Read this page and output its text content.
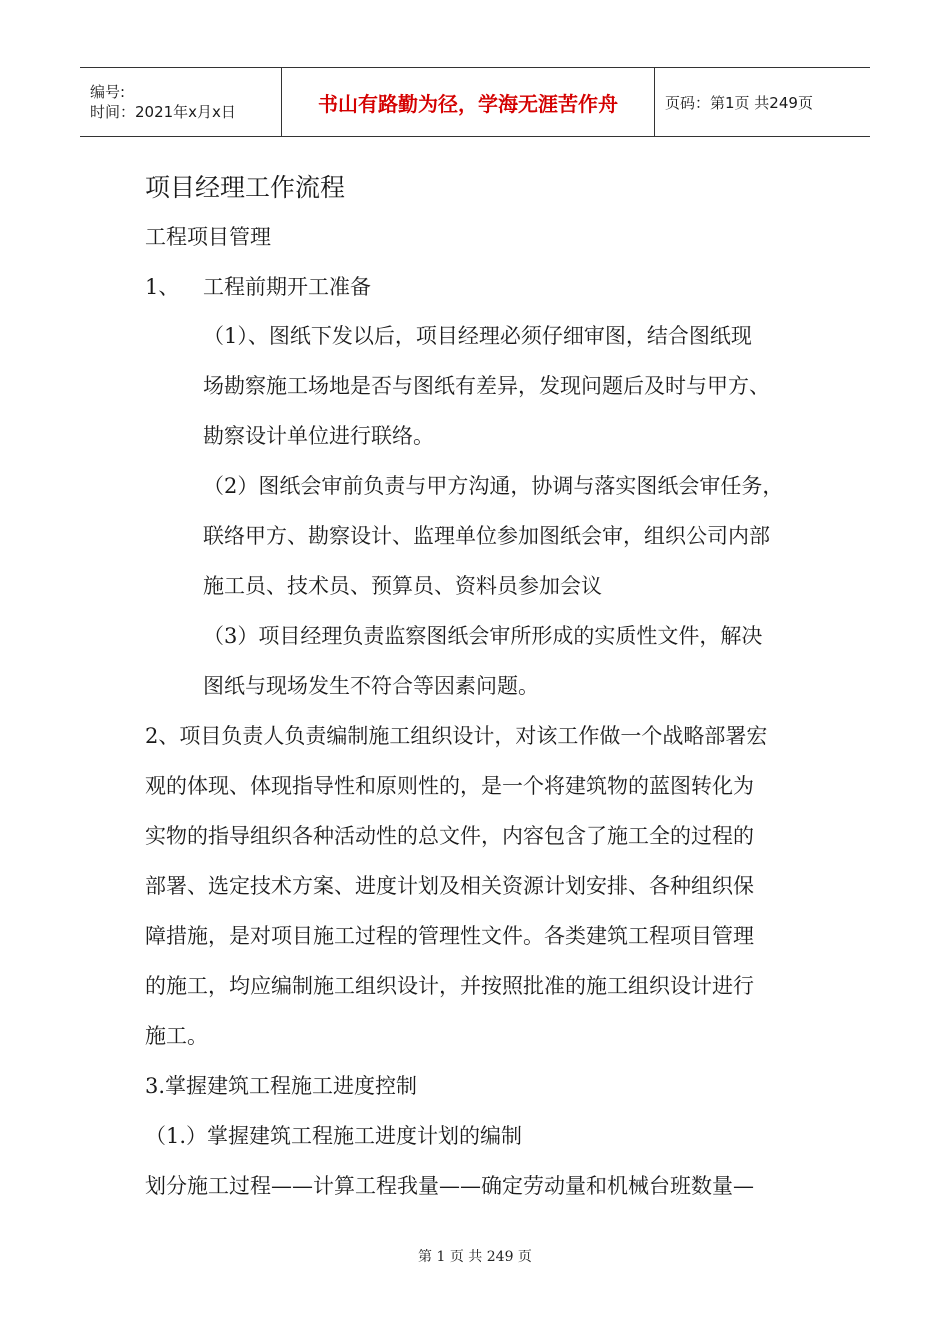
编号:
时间：2021年x月x日	书山有路勤为径，学海无涯苦作舟	页码：第1页 共249页
项目经理工作流程
工程项目管理
1、 工程前期开工准备
（1）、图纸下发以后，项目经理必须仔细审图，结合图纸现
场勘察施工场地是否与图纸有差异，发现问题后及时与甲方、
勘察设计单位进行联络。
（2）图纸会审前负责与甲方沟通，协调与落实图纸会审任务，
联络甲方、勘察设计、监理单位参加图纸会审，组织公司内部
施工员、技术员、预算员、资料员参加会议
（3）项目经理负责监察图纸会审所形成的实质性文件，解决
图纸与现场发生不符合等因素问题。
2、项目负责人负责编制施工组织设计，对该工作做一个战略部署宏
观的体现、体现指导性和原则性的，是一个将建筑物的蓝图转化为
实物的指导组织各种活动性的总文件，内容包含了施工全的过程的
部署、选定技术方案、进度计划及相关资源计划安排、各种组织保
障措施，是对项目施工过程的管理性文件。各类建筑工程项目管理
的施工，均应编制施工组织设计，并按照批准的施工组织设计进行
施工。
3.掌握建筑工程施工进度控制
（1.）掌握建筑工程施工进度计划的编制
划分施工过程——计算工程我量——确定劳动量和机械台班数量—
第 1 页 共 249 页
